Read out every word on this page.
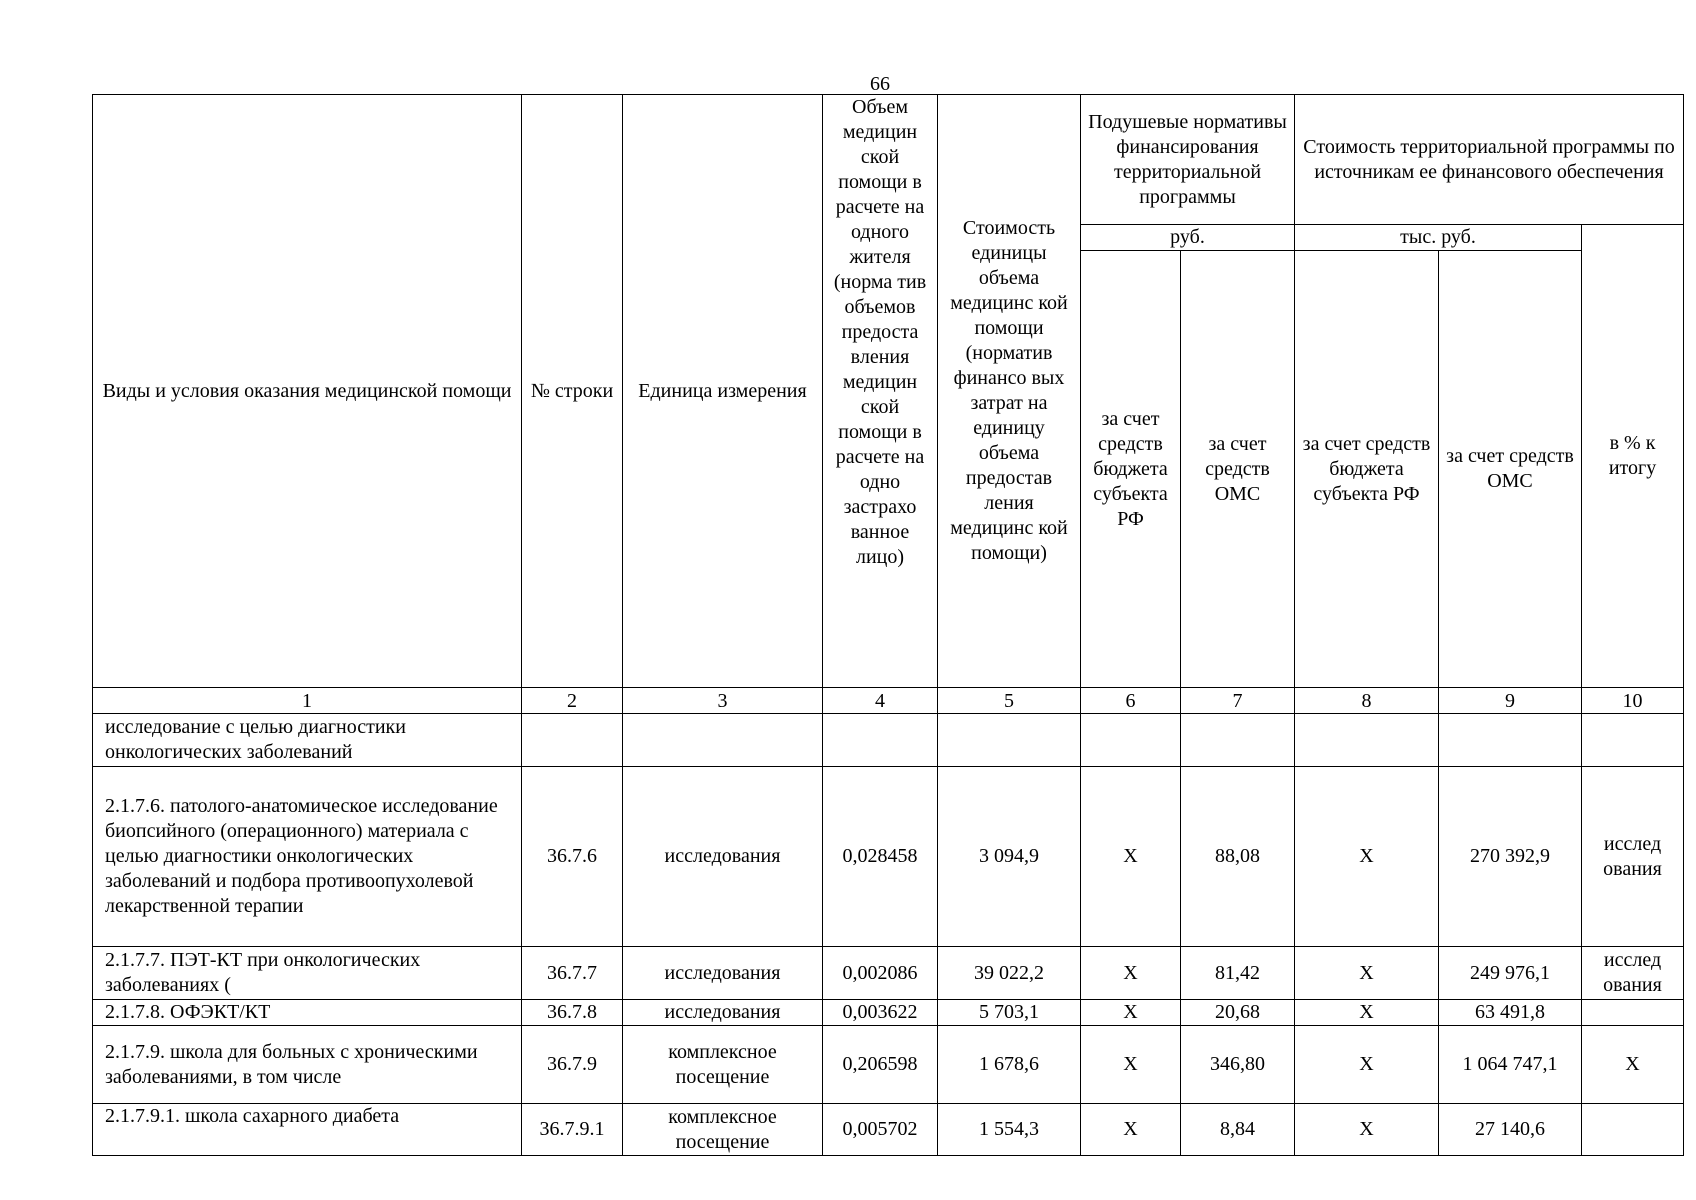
66
Виды и условия оказания медицинской помощи	№ строки	Единица измерения	Объем медицин ской помощи в расчете на одного жителя (норма тив объемов предоста вления медицин ской помощи в расчете на одно застрахо ванное лицо)	Стоимость единицы объема медицинс кой помощи (норматив финансо вых затрат на единицу объема предостав ления медицинс кой помощи)	Подушевые нормативы финансирования территориальной программы		Стоимость территориальной программы по источникам ее финансового обеспечения		
					руб.		тыс. руб.		в % к итогу
					за счет средств бюджета субъекта РФ	за счет средств ОМС	за счет средств бюджета субъекта РФ	за счет средств ОМС	
1	2	3	4	5	6	7	8	9	10
исследование с целью диагностики онкологических заболеваний									
2.1.7.6. патолого-анатомическое исследование биопсийного (операционного) материала с целью диагностики онкологических заболеваний и подбора противоопухолевой лекарственной терапии	36.7.6	исследования	0,028458	3 094,9	Х	88,08	Х	270 392,9	исслед ования
2.1.7.7. ПЭТ-КТ при онкологических заболеваниях (	36.7.7	исследования	0,002086	39 022,2	Х	81,42	Х	249 976,1	исслед ования
2.1.7.8. ОФЭКТ/КТ	36.7.8	исследования	0,003622	5 703,1	Х	20,68	Х	63 491,8	
2.1.7.9. школа для больных с хроническими заболеваниями, в том числе	36.7.9	комплексное посещение	0,206598	1 678,6	Х	346,80	Х	1 064 747,1	Х
2.1.7.9.1. школа сахарного диабета	36.7.9.1	комплексное посещение	0,005702	1 554,3	Х	8,84	Х	27 140,6	
